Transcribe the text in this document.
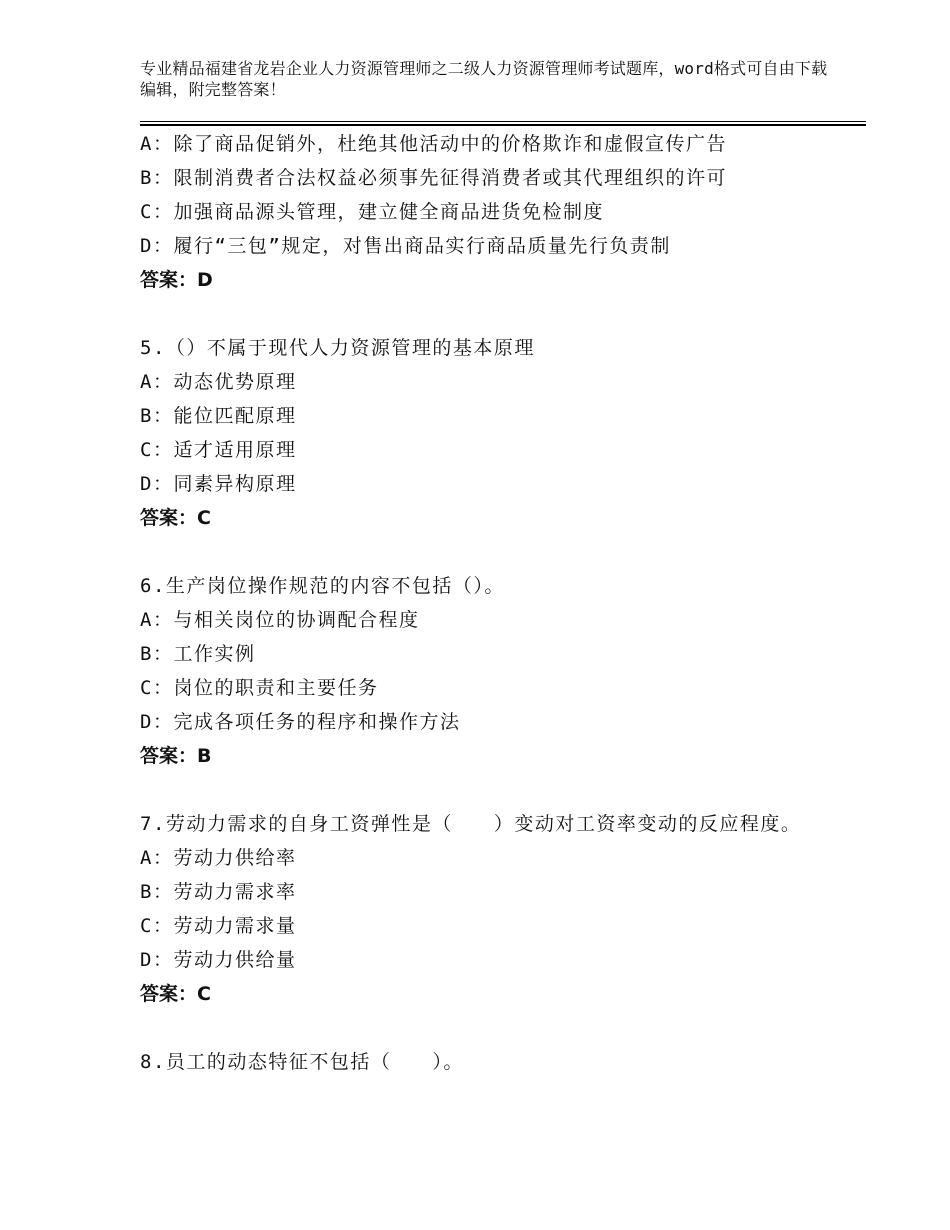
专业精品福建省龙岩企业人力资源管理师之二级人力资源管理师考试题库，word格式可自由下载编辑，附完整答案！
A：除了商品促销外，杜绝其他活动中的价格欺诈和虚假宣传广告
B：限制消费者合法权益必须事先征得消费者或其代理组织的许可
C：加强商品源头管理，建立健全商品进货免检制度
D：履行“三包”规定，对售出商品实行商品质量先行负责制
答案：D
5.（）不属于现代人力资源管理的基本原理
A：动态优势原理
B：能位匹配原理
C：适才适用原理
D：同素异构原理
答案：C
6.生产岗位操作规范的内容不包括（）。
A：与相关岗位的协调配合程度
B：工作实例
C：岗位的职责和主要任务
D：完成各项任务的程序和操作方法
答案：B
7.劳动力需求的自身工资弹性是（　　）变动对工资率变动的反应程度。
A：劳动力供给率
B：劳动力需求率
C：劳动力需求量
D：劳动力供给量
答案：C
8.员工的动态特征不包括（　　）。
